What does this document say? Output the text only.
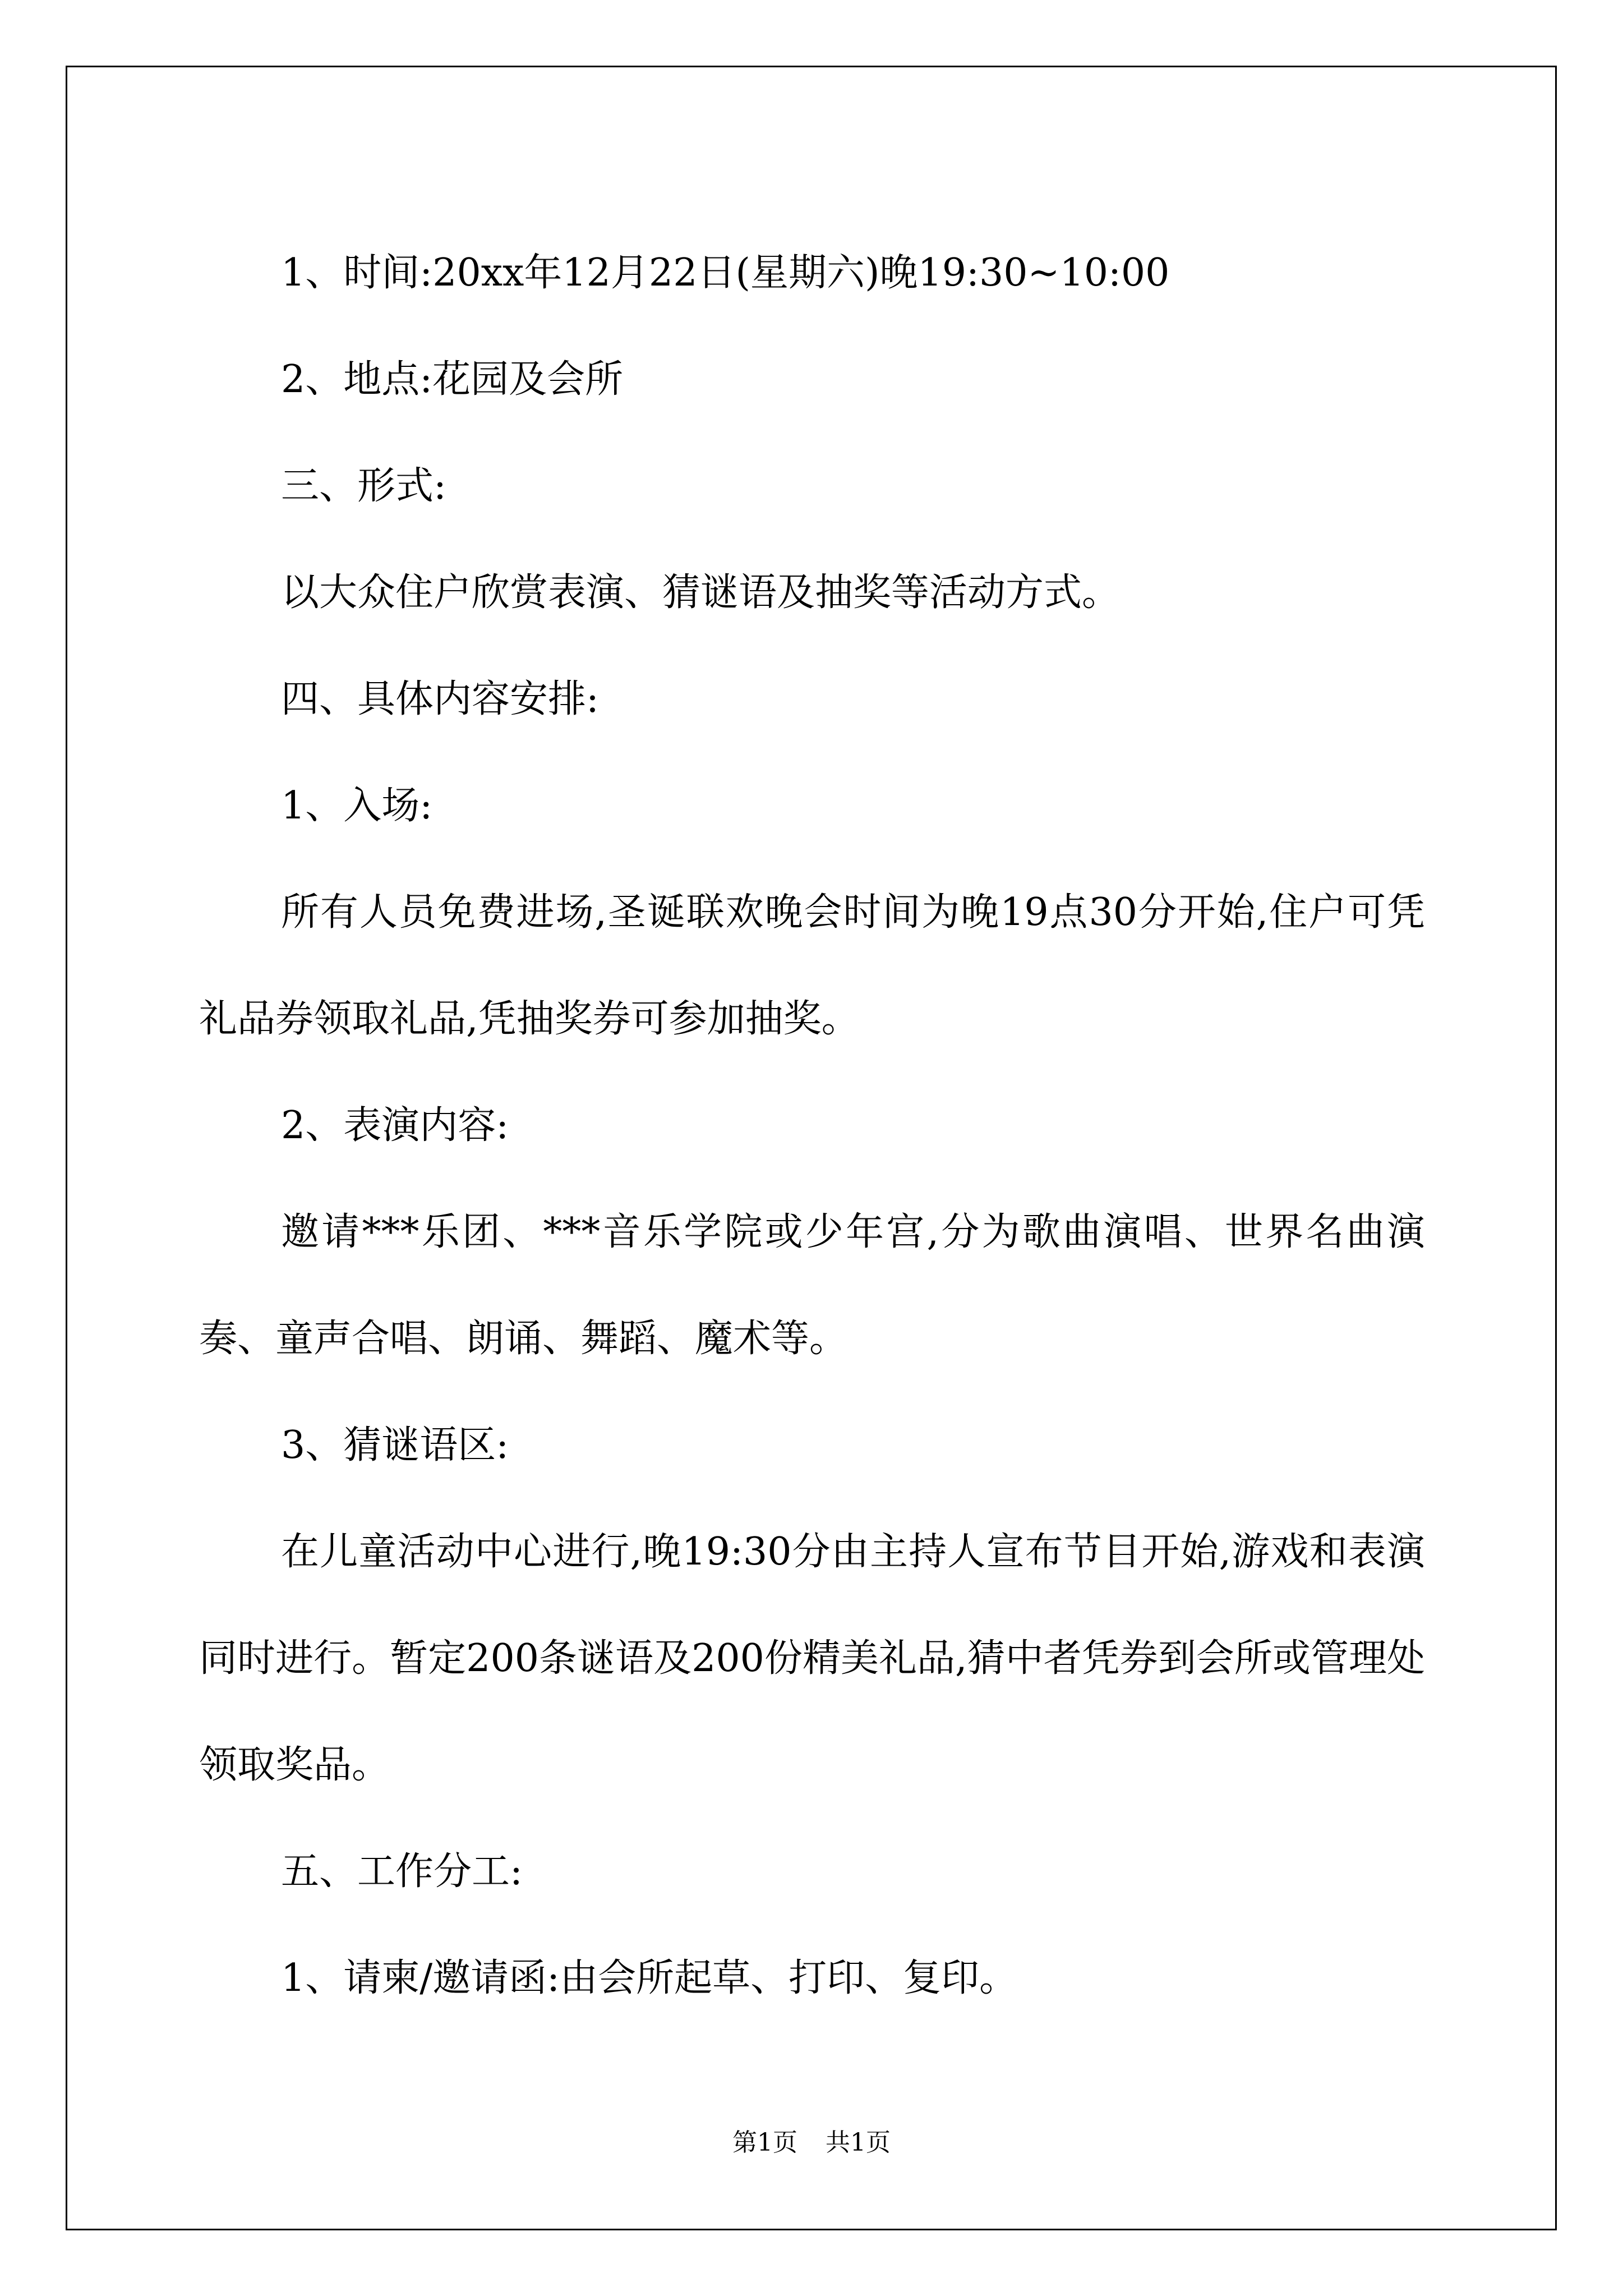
1、时间:20xx年12月22日(星期六)晚19:30~10:00

2、地点:花园及会所

三、形式:

以大众住户欣赏表演、猜谜语及抽奖等活动方式。

四、具体内容安排:

1、入场:

所有人员免费进场,圣诞联欢晚会时间为晚19点30分开始,住户可凭礼品券领取礼品,凭抽奖券可参加抽奖。

2、表演内容:

邀请***乐团、***音乐学院或少年宫,分为歌曲演唱、世界名曲演奏、童声合唱、朗诵、舞蹈、魔术等。

3、猜谜语区:

在儿童活动中心进行,晚19:30分由主持人宣布节目开始,游戏和表演同时进行。暂定200条谜语及200份精美礼品,猜中者凭券到会所或管理处领取奖品。

五、工作分工:

1、请柬/邀请函:由会所起草、打印、复印。

第1页 共1页
